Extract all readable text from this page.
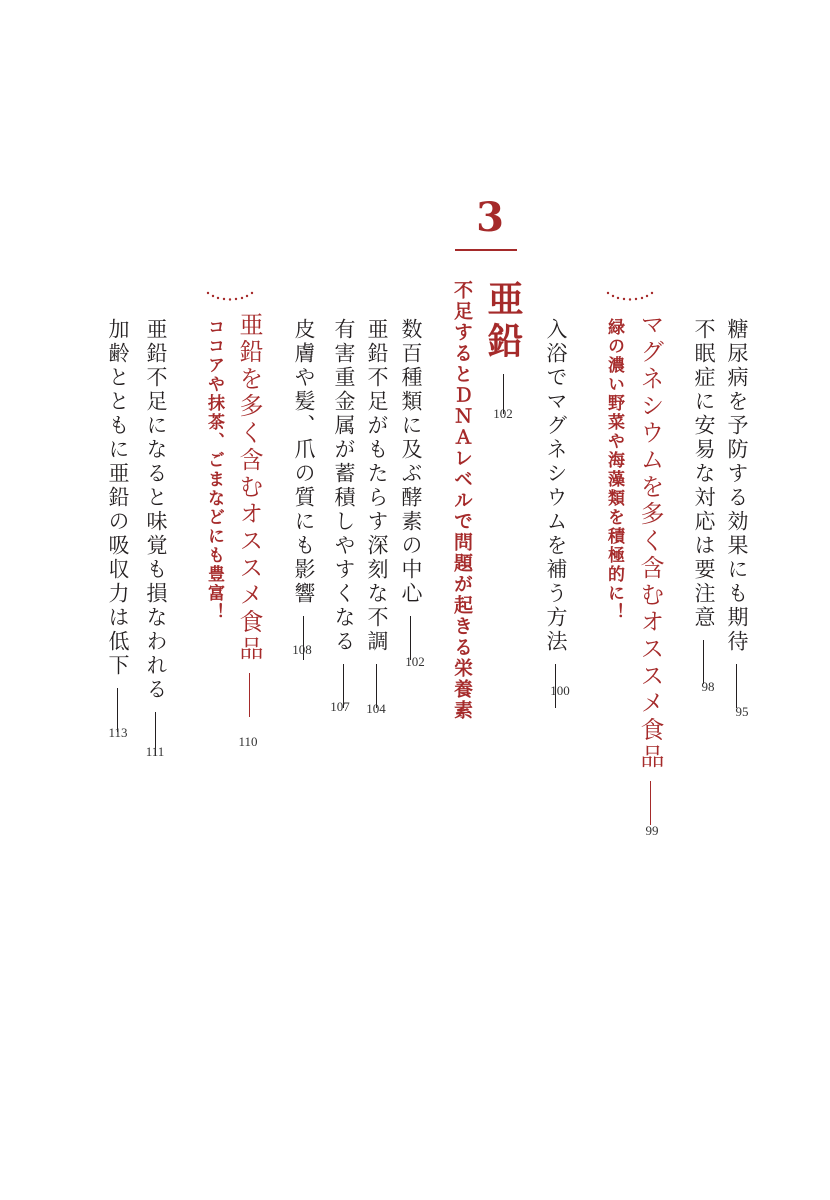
糖尿病を予防する効果にも期待
95
不眠症に安易な対応は要注意
98
マグネシウムを多く含むオススメ食品
99
緑の濃い野菜や海藻類を積極的に！
入浴でマグネシウムを補う方法
100
3
亜鉛
102
不足するとＤＮＡレベルで問題が起きる栄養素
数百種類に及ぶ酵素の中心
102
亜鉛不足がもたらす深刻な不調
104
有害重金属が蓄積しやすくなる
107
皮膚や髪、爪の質にも影響
108
亜鉛を多く含むオススメ食品
110
ココアや抹茶、ごまなどにも豊富！
亜鉛不足になると味覚も損なわれる
111
加齢とともに亜鉛の吸収力は低下
113
